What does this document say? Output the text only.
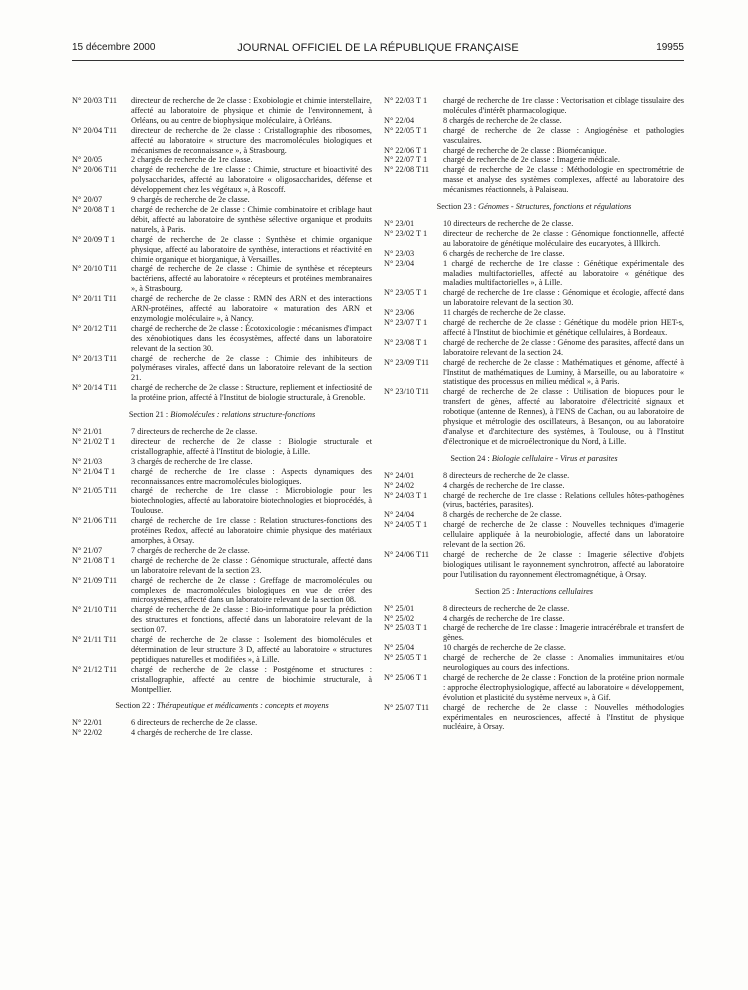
15 décembre 2000	JOURNAL OFFICIEL DE LA RÉPUBLIQUE FRANÇAISE	19955
N° 20/03 T11 directeur de recherche de 2e classe : Exobiologie et chimie interstellaire, affecté au laboratoire de physique et chimie de l'environnement, à Orléans, ou au centre de biophysique moléculaire, à Orléans.
N° 20/04 T11 directeur de recherche de 2e classe : Cristallographie des ribosomes, affecté au laboratoire « structure des macromolécules biologiques et mécanismes de reconnaissance », à Strasbourg.
N° 20/05	2 chargés de recherche de 1re classe.
N° 20/06 T11 chargé de recherche de 1re classe : Chimie, structure et bioactivité des polysaccharides, affecté au laboratoire « oligosaccharides, défense et développement chez les végétaux », à Roscoff.
N° 20/07	9 chargés de recherche de 2e classe.
N° 20/08 T 1 chargé de recherche de 2e classe : Chimie combinatoire et criblage haut débit, affecté au laboratoire de synthèse sélective organique et produits naturels, à Paris.
N° 20/09 T 1 chargé de recherche de 2e classe : Synthèse et chimie organique physique, affecté au laboratoire de synthèse, interactions et réactivité en chimie organique et biorganique, à Versailles.
N° 20/10 T11 chargé de recherche de 2e classe : Chimie de synthèse et récepteurs bactériens, affecté au laboratoire « récepteurs et protéines membranaires », à Strasbourg.
N° 20/11 T11 chargé de recherche de 2e classe : RMN des ARN et des interactions ARN-protéines, affecté au laboratoire « maturation des ARN et enzymologie moléculaire », à Nancy.
N° 20/12 T11 chargé de recherche de 2e classe : Écotoxicologie : mécanismes d'impact des xénobiotiques dans les écosystèmes, affecté dans un laboratoire relevant de la section 30.
N° 20/13 T11 chargé de recherche de 2e classe : Chimie des inhibiteurs de polymérases virales, affecté dans un laboratoire relevant de la section 21.
N° 20/14 T11 chargé de recherche de 2e classe : Structure, repliement et infectiosité de la protéine prion, affecté à l'Institut de biologie structurale, à Grenoble.
Section 21 : Biomolécules : relations structure-fonctions
N° 21/01	7 directeurs de recherche de 2e classe.
N° 21/02 T 1 directeur de recherche de 2e classe : Biologie structurale et cristallographie, affecté à l'Institut de biologie, à Lille.
N° 21/03	3 chargés de recherche de 1re classe.
N° 21/04 T 1 chargé de recherche de 1re classe : Aspects dynamiques des reconnaissances entre macromolécules biologiques.
N° 21/05 T11 chargé de recherche de 1re classe : Microbiologie pour les biotechnologies, affecté au laboratoire biotechnologies et bioprocédés, à Toulouse.
N° 21/06 T11 chargé de recherche de 1re classe : Relation structures-fonctions des protéines Redox, affecté au laboratoire chimie physique des matériaux amorphes, à Orsay.
N° 21/07	7 chargés de recherche de 2e classe.
N° 21/08 T 1 chargé de recherche de 2e classe : Génomique structurale, affecté dans un laboratoire relevant de la section 23.
N° 21/09 T11 chargé de recherche de 2e classe : Greffage de macromolécules ou complexes de macromolécules biologiques en vue de créer des microsystèmes, affecté dans un laboratoire relevant de la section 08.
N° 21/10 T11 chargé de recherche de 2e classe : Bio-informatique pour la prédiction des structures et fonctions, affecté dans un laboratoire relevant de la section 07.
N° 21/11 T11 chargé de recherche de 2e classe : Isolement des biomolécules et détermination de leur structure 3 D, affecté au laboratoire « structures peptidiques naturelles et modifiées », à Lille.
N° 21/12 T11 chargé de recherche de 2e classe : Postgénome et structures : cristallographie, affecté au centre de biochimie structurale, à Montpellier.
Section 22 : Thérapeutique et médicaments : concepts et moyens
N° 22/01	6 directeurs de recherche de 2e classe.
N° 22/02	4 chargés de recherche de 1re classe.
N° 22/03 T 1 chargé de recherche de 1re classe : Vectorisation et ciblage tissulaire des molécules d'intérêt pharmacologique.
N° 22/04	8 chargés de recherche de 2e classe.
N° 22/05 T 1 chargé de recherche de 2e classe : Angiogénèse et pathologies vasculaires.
N° 22/06 T 1 chargé de recherche de 2e classe : Biomécanique.
N° 22/07 T 1 chargé de recherche de 2e classe : Imagerie médicale.
N° 22/08 T11 chargé de recherche de 2e classe : Méthodologie en spectrométrie de masse et analyse des systèmes complexes, affecté au laboratoire des mécanismes réactionnels, à Palaiseau.
Section 23 : Génomes - Structures, fonctions et régulations
N° 23/01	10 directeurs de recherche de 2e classe.
N° 23/02 T 1 directeur de recherche de 2e classe : Génomique fonctionnelle, affecté au laboratoire de génétique moléculaire des eucaryotes, à Illkirch.
N° 23/03	6 chargés de recherche de 1re classe.
N° 23/04	1 chargé de recherche de 1re classe : Génétique expérimentale des maladies multifactorielles, affecté au laboratoire « génétique des maladies multifactorielles », à Lille.
N° 23/05 T 1 chargé de recherche de 1re classe : Génomique et écologie, affecté dans un laboratoire relevant de la section 30.
N° 23/06	11 chargés de recherche de 2e classe.
N° 23/07 T 1 chargé de recherche de 2e classe : Génétique du modèle prion HET-s, affecté à l'Institut de biochimie et génétique cellulaires, à Bordeaux.
N° 23/08 T 1 chargé de recherche de 2e classe : Génome des parasites, affecté dans un laboratoire relevant de la section 24.
N° 23/09 T11 chargé de recherche de 2e classe : Mathématiques et génome, affecté à l'Institut de mathématiques de Luminy, à Marseille, ou au laboratoire « statistique des processus en milieu médical », à Paris.
N° 23/10 T11 chargé de recherche de 2e classe : Utilisation de biopuces pour le transfert de gènes, affecté au laboratoire d'électricité signaux et robotique (antenne de Rennes), à l'ENS de Cachan, ou au laboratoire de physique et métrologie des oscillateurs, à Besançon, ou au laboratoire d'analyse et d'architecture des systèmes, à Toulouse, ou à l'Institut d'électronique et de microélectronique du Nord, à Lille.
Section 24 : Biologie cellulaire - Virus et parasites
N° 24/01	8 directeurs de recherche de 2e classe.
N° 24/02	4 chargés de recherche de 1re classe.
N° 24/03 T 1 chargé de recherche de 1re classe : Relations cellules hôtes-pathogènes (virus, bactéries, parasites).
N° 24/04	8 chargés de recherche de 2e classe.
N° 24/05 T 1 chargé de recherche de 2e classe : Nouvelles techniques d'imagerie cellulaire appliquée à la neurobiologie, affecté dans un laboratoire relevant de la section 26.
N° 24/06 T11 chargé de recherche de 2e classe : Imagerie sélective d'objets biologiques utilisant le rayonnement synchrotron, affecté au laboratoire pour l'utilisation du rayonnement électromagnétique, à Orsay.
Section 25 : Interactions cellulaires
N° 25/01	8 directeurs de recherche de 2e classe.
N° 25/02	4 chargés de recherche de 1re classe.
N° 25/03 T 1 chargé de recherche de 1re classe : Imagerie intracérébrale et transfert de gènes.
N° 25/04	10 chargés de recherche de 2e classe.
N° 25/05 T 1 chargé de recherche de 2e classe : Anomalies immunitaires et/ou neurologiques au cours des infections.
N° 25/06 T 1 chargé de recherche de 2e classe : Fonction de la protéine prion normale : approche électrophysiologique, affecté au laboratoire « développement, évolution et plasticité du système nerveux », à Gif.
N° 25/07 T11 chargé de recherche de 2e classe : Nouvelles méthodologies expérimentales en neurosciences, affecté à l'Institut de physique nucléaire, à Orsay.
